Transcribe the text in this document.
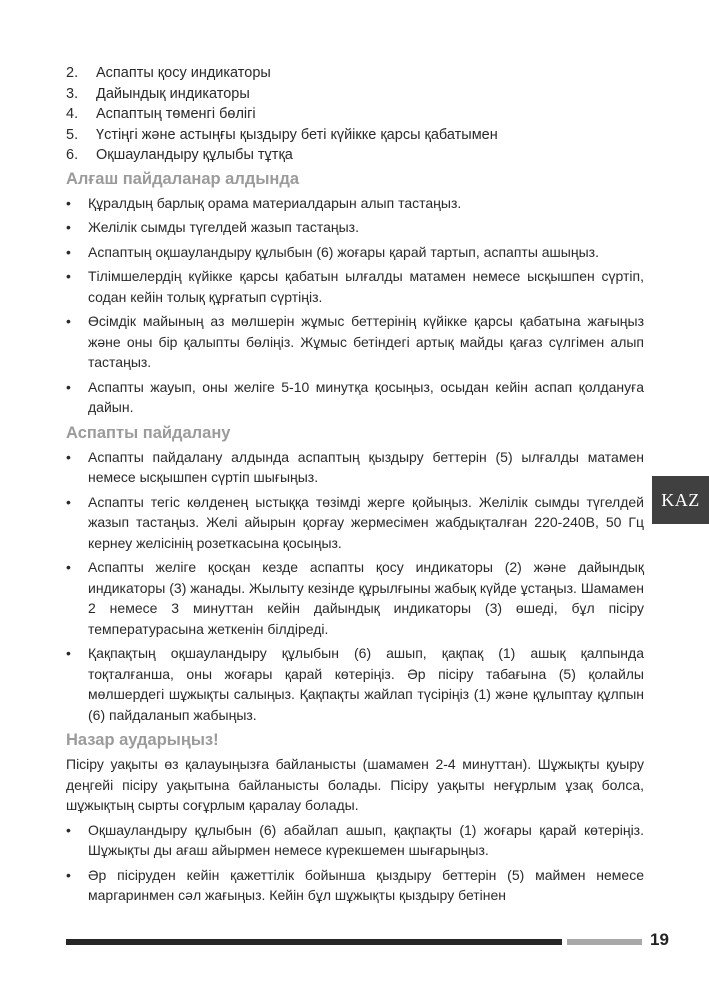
2.	Аспапты қосу индикаторы
3.	Дайындық индикаторы
4.	Аспаптың төменгі бөлігі
5.	Үстіңгі және астыңғы қыздыру беті күйікке қарсы қабатымен
6.	Оқшауландыру құлыбы тұтқа
Алғаш пайдаланар алдында
• Құралдың барлық орама материалдарын алып тастаңыз.
• Желілік сымды түгелдей жазып тастаңыз.
• Аспаптың оқшауландыру құлыбын (6) жоғары қарай тартып, аспапты ашыңыз.
• Тілімшелердің күйікке қарсы қабатын ылғалды матамен немесе ысқышпен сүртіп, содан кейін толық құрғатып сүртіңіз.
• Өсімдік майының аз мөлшерін жұмыс беттерінің күйікке қарсы қабатына жағыңыз және оны бір қалыпты бөліңіз. Жұмыс бетіндегі артық майды қағаз сүлгімен алып тастаңыз.
• Аспапты жауып, оны желіге 5-10 минутқа қосыңыз, осыдан кейін аспап қолдануға дайын.
Аспапты пайдалану
• Аспапты пайдалану алдында аспаптың қыздыру беттерін (5) ылғалды матамен немесе ысқышпен сүртіп шығыңыз.
• Аспапты тегіс көлденең ыстыққа төзімді жерге қойыңыз. Желілік сымды түгелдей жазып тастаңыз. Желі айырын қорғау жермесімен жабдықталған 220-240В, 50 Гц кернеу желісінің розеткасына қосыңыз.
• Аспапты желіге қосқан кезде аспапты қосу индикаторы (2) және дайындық индикаторы (3) жанады. Жылыту кезінде құрылғыны жабық күйде ұстаңыз. Шамамен 2 немесе 3 минуттан кейін дайындық индикаторы (3) өшеді, бұл пісіру температурасына жеткенін білдіреді.
• Қақпақтың оқшауландыру құлыбын (6) ашып, қақпақ (1) ашық қалпында тоқталғанша, оны жоғары қарай көтеріңіз. Әр пісіру табағына (5) қолайлы мөлшердегі шұжықты салыңыз. Қақпақты жайлап түсіріңіз (1) және құлыптау құлпын (6) пайдаланып жабыңыз.
Назар аударыңыз!

Пісіру уақыты өз қалауыңызға байланысты (шамамен 2-4 минуттан). Шұжықты қуыру деңгейі пісіру уақытына байланысты болады. Пісіру уақыты неғұрлым ұзақ болса, шұжықтың сырты соғұрлым қаралау болады.

• Оқшауландыру құлыбын (6) абайлап ашып, қақпақты (1) жоғары қарай көтеріңіз. Шұжықты ды ағаш айырмен немесе күрекшемен шығарыңыз.
• Әр пісіруден кейін қажеттілік бойынша қыздыру беттерін (5) маймен немесе маргаринмен сәл жағыңыз. Кейін бұл шұжықты қыздыру бетінен
KAZ
19
